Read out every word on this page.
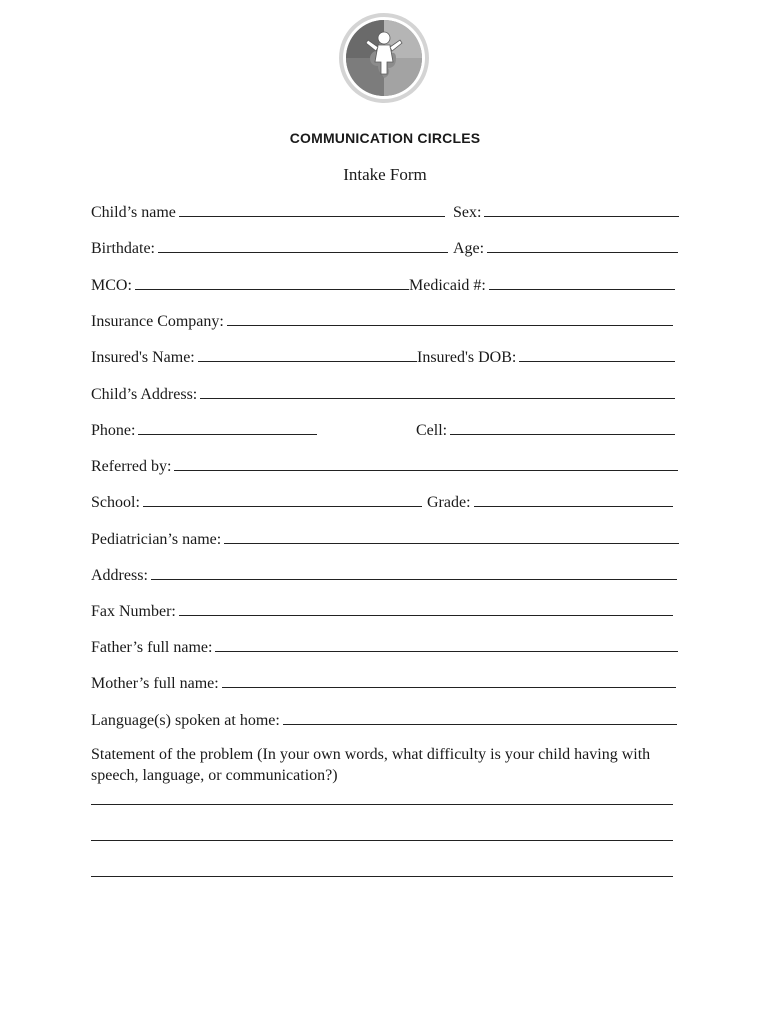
COMMUNICATION CIRCLES
Intake Form
Child’s name	Sex:
Birthdate:	Age:
MCO:	Medicaid #:
Insurance Company:
Insured's Name:	Insured's DOB:
Child’s Address:
Phone:	Cell:
Referred by:
School:	Grade:
Pediatrician’s name:
Address:
Fax Number:
Father’s full name:
Mother’s full name:
Language(s) spoken at home:
Statement of the problem (In your own words, what difficulty is your child having with speech, language, or communication?)
